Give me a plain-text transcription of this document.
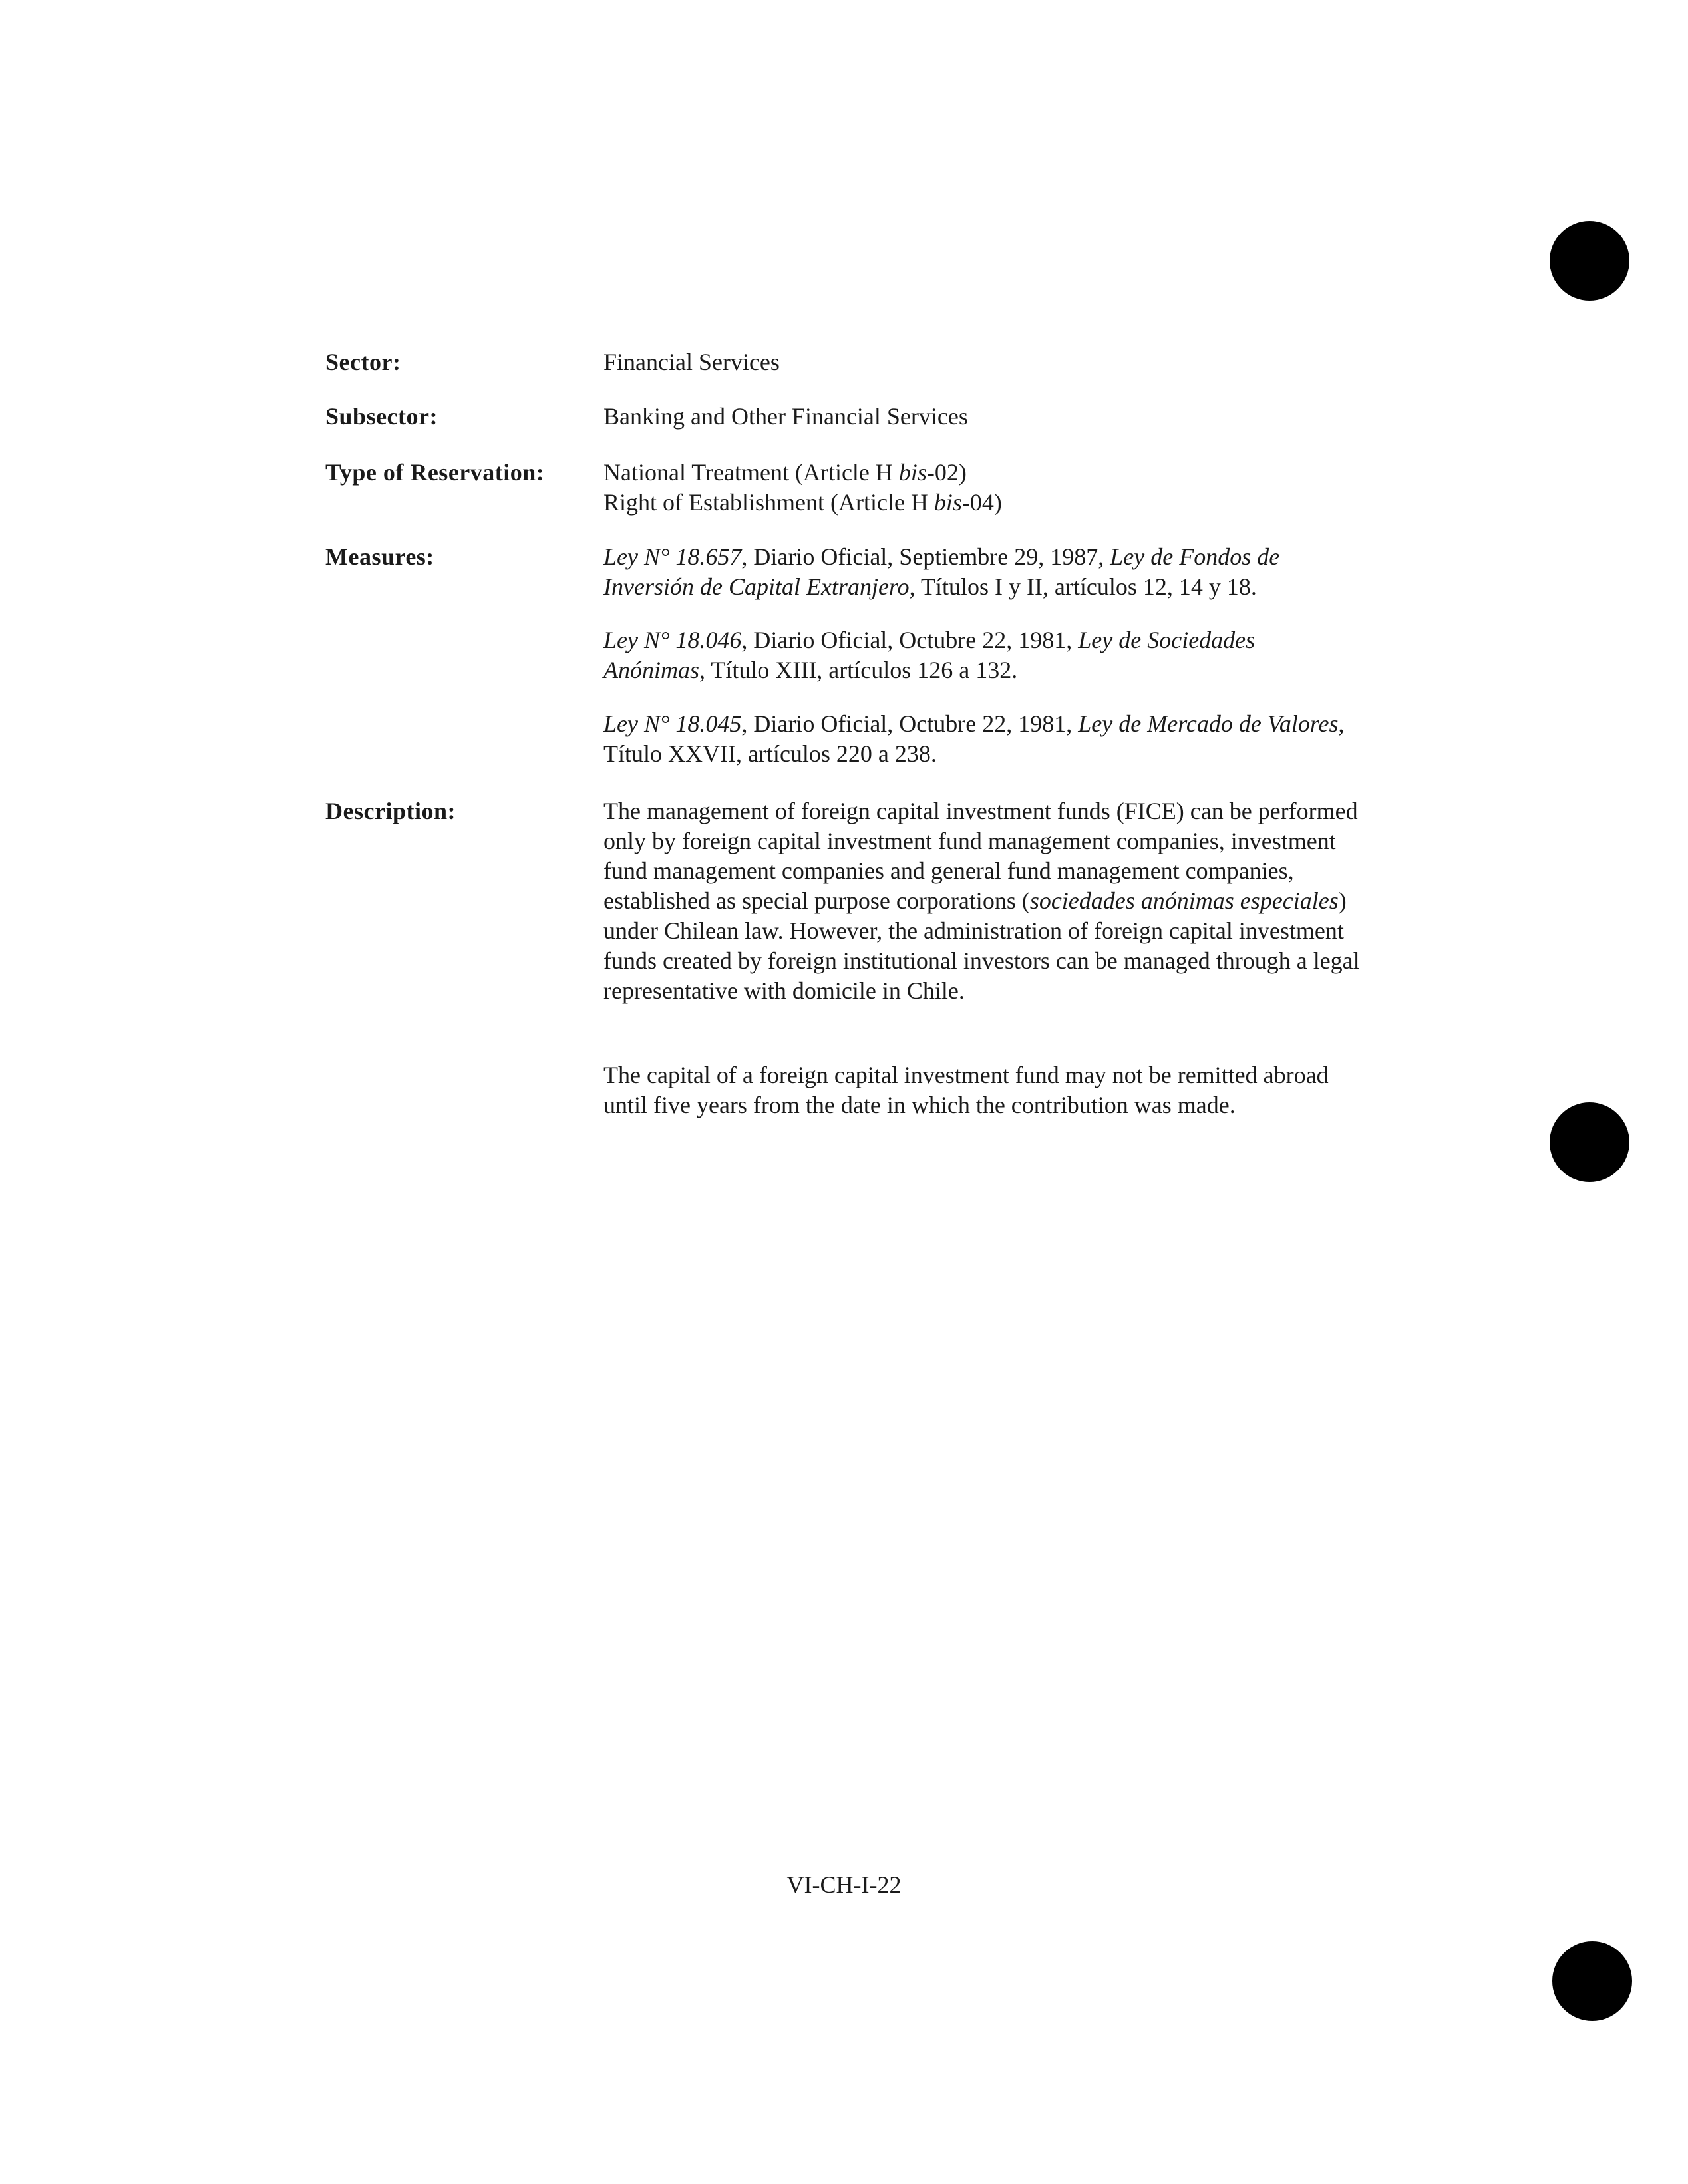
Sector:	Financial Services
Subsector:	Banking and Other Financial Services
Type of Reservation: National Treatment (Article H bis-02)

Right of Establishment (Article H bis-04)

Measures:	Ley N° 18.657, Diario Oficial, Septiembre 29, 1987, Ley de Fondos de Inversión de Capital Extranjero, Títulos I y II, artículos 12, 14 y 18.

Ley N° 18.046, Diario Oficial, Octubre 22, 1981, Ley de Sociedades Anónimas, Título XIII, artículos 126 a 132.

Ley N° 18.045, Diario Oficial, Octubre 22, 1981, Ley de Mercado de Valores, Título XXVII, artículos 220 a 238.

Description:	The management of foreign capital investment funds (FICE) can be performed only by foreign capital investment fund management companies, investment fund management companies and general fund management companies, established as special purpose corporations (sociedades anónimas especiales) under Chilean law. However, the administration of foreign capital investment funds created by foreign institutional investors can be managed through a legal representative with domicile in Chile.

The capital of a foreign capital investment fund may not be remitted abroad until five years from the date in which the contribution was made.

VI-CH-I-22
